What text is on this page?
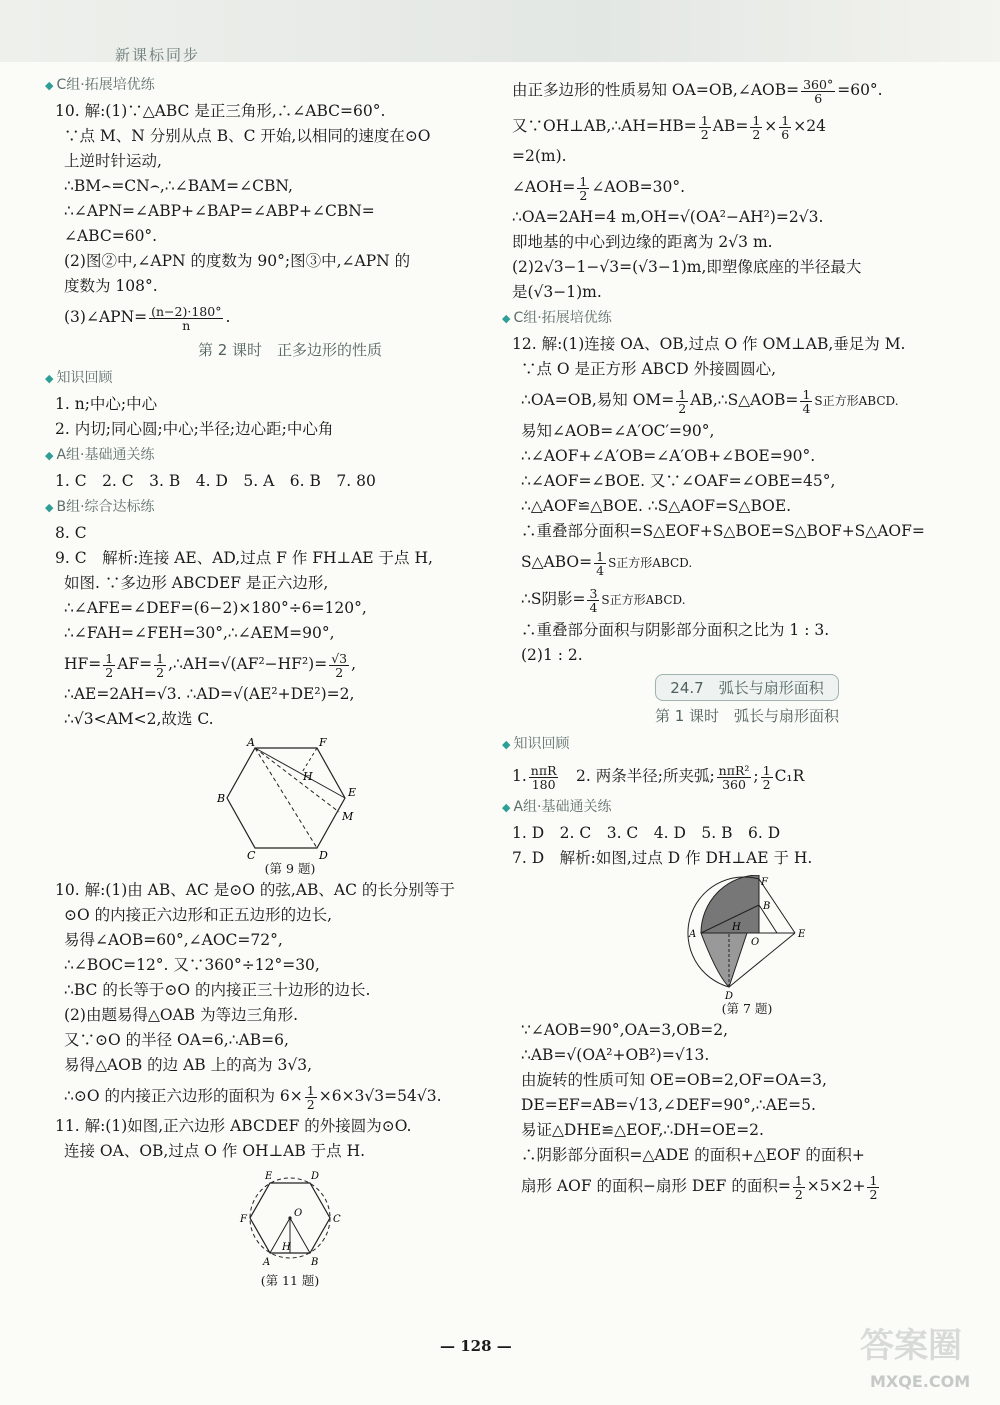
新课标同步
◆ C组·拓展培优练
10. 解:(1)∵△ABC 是正三角形,∴∠ABC=60°.
∵点 M、N 分别从点 B、C 开始,以相同的速度在⊙O
上逆时针运动,
∴BM⌢=CN⌢,∴∠BAM=∠CBN,
∴∠APN=∠ABP+∠BAP=∠ABP+∠CBN=
∠ABC=60°.
(2)图②中,∠APN 的度数为 90°;图③中,∠APN 的
度数为 108°.
(3)∠APN= $\frac{(n-2)\cdot 180^\circ}{n}$ .
第 2 课时　正多边形的性质
◆ 知识回顾
1. n;中心;中心
2. 内切;同心圆;中心;半径;边心距;中心角
◆ A组·基础通关练
1. C　2. C　3. B　4. D　5. A　6. B　7. 80
◆ B组·综合达标练
8. C
9. C　解析:连接 AE、AD,过点 F 作 FH⊥AE 于点 H,
如图. ∵多边形 ABCDEF 是正六边形,
∴∠AFE=∠DEF=(6−2)×180°÷6=120°,
∴∠FAH=∠FEH=30°,∴∠AEM=90°,
$HF= \frac{1}{2} AF= \frac{1}{2}$ ,∴AH=√(AF²−HF²)= $\frac{√3}{2}$ ,
∴AE=2AH=√3. ∴AD=√(AE²+DE²)=2,
∴√3<AM<2,故选 C.
A	F
B	E
M
C	D
H
(第 9 题)
10. 解:(1)由 AB、AC 是⊙O 的弦,AB、AC 的长分别等于
⊙O 的内接正六边形和正五边形的边长,
易得∠AOB=60°,∠AOC=72°,
∴∠BOC=12°. 又∵360°÷12°=30,
∴BC 的长等于⊙O 的内接正三十边形的边长.
(2)由题易得△OAB 为等边三角形.
又∵⊙O 的半径 OA=6,∴AB=6,
易得△AOB 的边 AB 上的高为 3√3,
∴⊙O 的内接正六边形的面积为 $6\times \frac{1}{2} \times 6\times 3√3=54√3$.
11. 解:(1)如图,正六边形 ABCDEF 的外接圆为⊙O.
连接 OA、OB,过点 O 作 OH⊥AB 于点 H.
E	D
F	C
O
H
A	B
(第 11 题)
由正多边形的性质易知 OA=OB,∠AOB= $\frac{360^\circ}{6} =60^\circ$.
又∵OH⊥AB,∴AH=HB= $\frac{1}{2} AB= \frac{1}{2} \times \frac{1}{6} \times 24$
=2(m).
∠AOH= $\frac{1}{2}$ ∠AOB=30°.
∴OA=2AH=4 m,OH=√(OA²−AH²)=2√3.
即地基的中心到边缘的距离为 2√3 m.
(2)2√3−1−√3=(√3−1)m,即塑像底座的半径最大
是(√3−1)m.
◆ C组·拓展培优练
12. 解:(1)连接 OA、OB,过点 O 作 OM⊥AB,垂足为 M.
∵点 O 是正方形 ABCD 外接圆圆心,
∴OA=OB,易知 $OM= \frac{1}{2}$ AB,∴S△AOB= $\frac{1}{4}$ S正方形ABCD.
易知∠AOB=∠A′OC′=90°,
∴∠AOF+∠A′OB=∠A′OB+∠BOE=90°.
∴∠AOF=∠BOE. 又∵∠OAF=∠OBE=45°,
∴△AOF≌△BOE. ∴S△AOF=S△BOE.
∴重叠部分面积=S△EOF+S△BOE=S△BOF+S△AOF=
S△ABO= $\frac{1}{4}$ S正方形ABCD.
∴S阴影= $\frac{3}{4}$ S正方形ABCD.
∴重叠部分面积与阴影部分面积之比为 1 : 3.
(2)1 : 2.
24.7　弧长与扇形面积
第 1 课时　弧长与扇形面积
◆ 知识回顾
1. $\frac{\text{nπR}}{180}$
　 2. 两条半径;所夹弧; $\frac{\text{nπR²}}{360}$ ; $\frac{1}{2} C_1R$
◆ A组·基础通关练
1. D　2. C　3. C　4. D　5. B　6. D
7. D　解析:如图,过点 D 作 DH⊥AE 于 H.
F
B
A	E
H
O
D
(第 7 题)
∵∠AOB=90°,OA=3,OB=2,
∴AB=√(OA²+OB²)=√13.
由旋转的性质可知 OE=OB=2,OF=OA=3,
DE=EF=AB=√13,∠DEF=90°,∴AE=5.
易证△DHE≌△EOF,∴DH=OE=2.
∴阴影部分面积=△ADE 的面积+△EOF 的面积+
扇形 AOF 的面积−扇形 DEF 的面积= $\frac{1}{2} \times 5\times 2+ \frac{1}{2}$
— 128 —	答案圈
MXQE.COM
